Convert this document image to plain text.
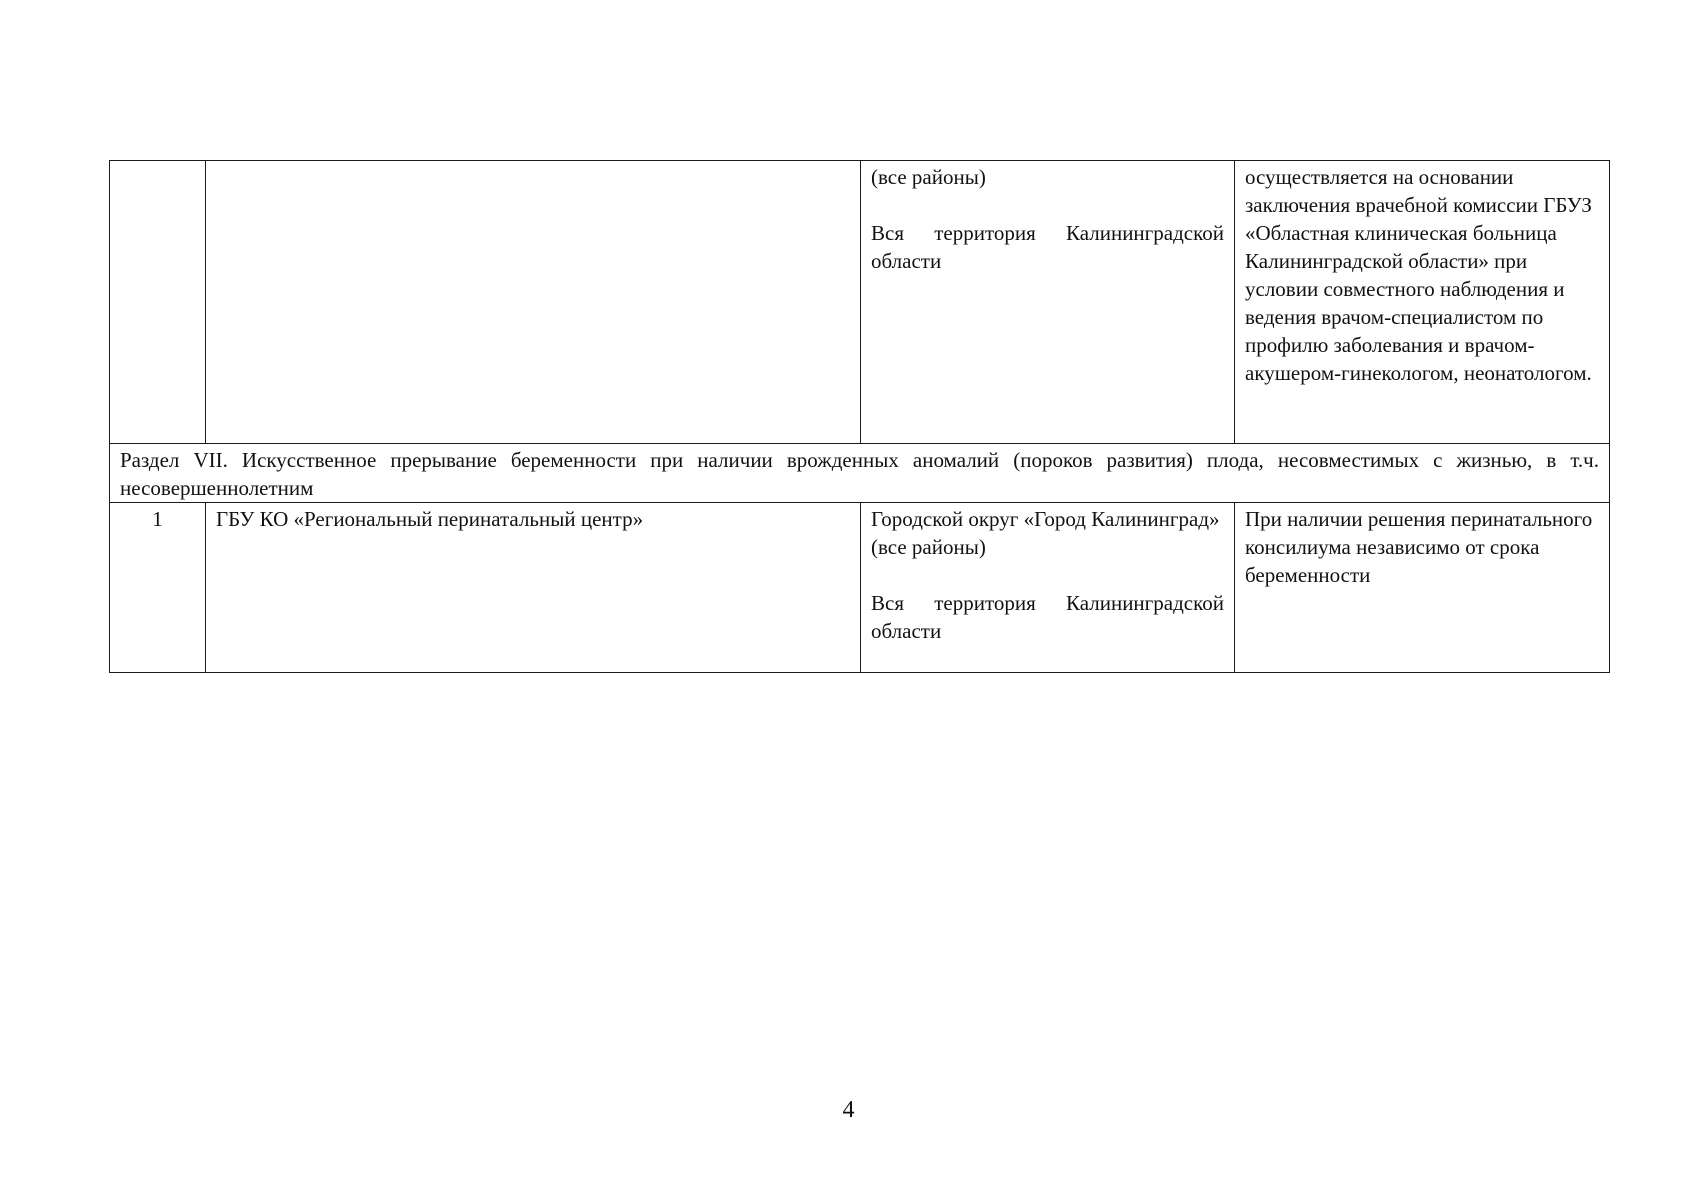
		(все районы)
Вся территория Калининградской области	осуществляется на основании заключения врачебной комиссии ГБУЗ «Областная клиническая больница Калининградской области» при условии совместного наблюдения и ведения врачом-специалистом по профилю заболевания и врачом-акушером-гинекологом, неонатологом.
Раздел VII. Искусственное прерывание беременности при наличии врожденных аномалий (пороков развития) плода, несовместимых с жизнью, в т.ч. несовершеннолетним			
1	ГБУ КО «Региональный перинатальный центр»	Городской округ «Город Калининград»
(все районы)
Вся территория Калининградской области	При наличии решения перинатального консилиума независимо от срока беременности
4
